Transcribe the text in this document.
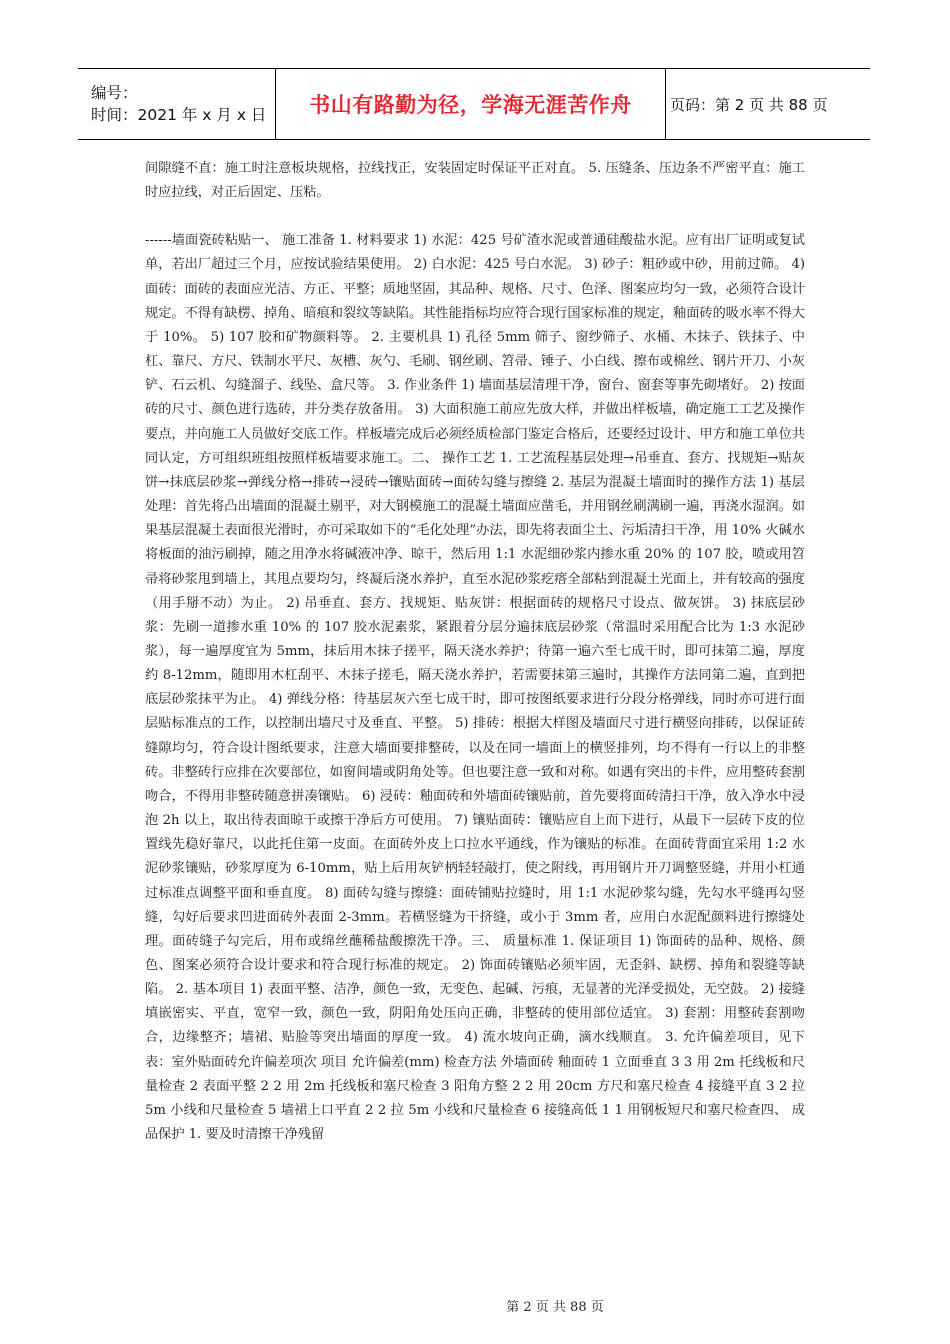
编号：
时间：2021 年 x 月 x 日	书山有路勤为径，学海无涯苦作舟	页码：第 2 页 共 88 页

间隙缝不直：施工时注意板块规格，拉线找正，安装固定时保证平正对直。 5. 压缝条、压边条不严密平直：施工时应拉线，对正后固定、压粘。

------墙面瓷砖粘贴一、 施工准备 1. 材料要求 1) 水泥：425 号矿渣水泥或普通硅酸盐水泥。应有出厂证明或复试单，若出厂超过三个月，应按试验结果使用。 2) 白水泥：425 号白水泥。 3) 砂子：粗砂或中砂，用前过筛。 4) 面砖：面砖的表面应光洁、方正、平整；质地坚固，其品种、规格、尺寸、色泽、图案应均匀一致，必须符合设计规定。不得有缺楞、掉角、暗痕和裂纹等缺陷。其性能指标均应符合现行国家标准的规定，釉面砖的吸水率不得大于 10%。 5) 107 胶和矿物颜料等。 2. 主要机具 1) 孔径 5mm 筛子、窗纱筛子、水桶、木抹子、铁抹子、中杠、靠尺、方尺、铁制水平尺、灰槽、灰勺、毛刷、钢丝刷、笤帚、锤子、小白线、擦布或棉丝、钢片开刀、小灰铲、石云机、勾缝溜子、线坠、盒尺等。 3. 作业条件 1) 墙面基层清理干净，窗台、窗套等事先砌堵好。 2) 按面砖的尺寸、颜色进行选砖，并分类存放备用。 3) 大面积施工前应先放大样，并做出样板墙，确定施工工艺及操作要点，并向施工人员做好交底工作。样板墙完成后必须经质检部门鉴定合格后，还要经过设计、甲方和施工单位共同认定，方可组织班组按照样板墙要求施工。二、 操作工艺 1. 工艺流程基层处理→吊垂直、套方、找规矩→贴灰饼→抹底层砂浆→弹线分格→排砖→浸砖→镶贴面砖→面砖勾缝与擦缝 2. 基层为混凝土墙面时的操作方法 1) 基层处理：首先将凸出墙面的混凝土剔平，对大钢模施工的混凝土墙面应凿毛，并用钢丝刷满刷一遍，再浇水湿润。如果基层混凝土表面很光滑时，亦可采取如下的“毛化处理”办法，即先将表面尘土、污垢清扫干净，用 10% 火碱水将板面的油污刷掉，随之用净水将碱液冲净、晾干，然后用 1:1 水泥细砂浆内掺水重 20% 的 107 胶，喷或用笤帚将砂浆甩到墙上，其甩点要均匀，终凝后浇水养护，直至水泥砂浆疙瘩全部粘到混凝土光面上，并有较高的强度（用手掰不动）为止。 2) 吊垂直、套方、找规矩、贴灰饼：根据面砖的规格尺寸设点、做灰饼。 3) 抹底层砂浆：先刷一道掺水重 10% 的 107 胶水泥素浆，紧跟着分层分遍抹底层砂浆（常温时采用配合比为 1:3 水泥砂浆），每一遍厚度宜为 5mm，抹后用木抹子搓平，隔天浇水养护；待第一遍六至七成干时，即可抹第二遍，厚度约 8-12mm，随即用木杠刮平、木抹子搓毛，隔天浇水养护，若需要抹第三遍时，其操作方法同第二遍，直到把底层砂浆抹平为止。 4) 弹线分格：待基层灰六至七成干时，即可按图纸要求进行分段分格弹线，同时亦可进行面层贴标准点的工作，以控制出墙尺寸及垂直、平整。 5) 排砖：根据大样图及墙面尺寸进行横竖向排砖，以保证砖缝隙均匀，符合设计图纸要求，注意大墙面要排整砖，以及在同一墙面上的横竖排列，均不得有一行以上的非整砖。非整砖行应排在次要部位，如窗间墙或阴角处等。但也要注意一致和对称。如遇有突出的卡件，应用整砖套割吻合，不得用非整砖随意拼凑镶贴。 6) 浸砖：釉面砖和外墙面砖镶贴前，首先要将面砖清扫干净，放入净水中浸泡 2h 以上，取出待表面晾干或擦干净后方可使用。 7) 镶贴面砖：镶贴应自上而下进行，从最下一层砖下皮的位置线先稳好靠尺，以此托住第一皮面。在面砖外皮上口拉水平通线，作为镶贴的标准。在面砖背面宜采用 1:2 水泥砂浆镶贴，砂浆厚度为 6-10mm，贴上后用灰铲柄轻轻敲打，使之附线，再用钢片开刀调整竖缝，并用小杠通过标准点调整平面和垂直度。 8) 面砖勾缝与擦缝：面砖铺贴拉缝时，用 1:1 水泥砂浆勾缝，先勾水平缝再勾竖缝，勾好后要求凹进面砖外表面 2-3mm。若横竖缝为干挤缝，或小于 3mm 者，应用白水泥配颜料进行擦缝处理。面砖缝子勾完后，用布或绵丝蘸稀盐酸擦洗干净。三、 质量标准 1. 保证项目 1) 饰面砖的品种、规格、颜色、图案必须符合设计要求和符合现行标准的规定。 2) 饰面砖镶贴必须牢固，无歪斜、缺楞、掉角和裂缝等缺陷。 2. 基本项目 1) 表面平整、洁净，颜色一致，无变色、起碱、污痕，无显著的光泽受损处，无空鼓。 2) 接缝填嵌密实、平直，宽窄一致，颜色一致，阴阳角处压向正确，非整砖的使用部位适宜。 3) 套割：用整砖套割吻合，边缘整齐；墙裙、贴脸等突出墙面的厚度一致。 4) 流水坡向正确，滴水线顺直。 3. 允许偏差项目，见下表：室外贴面砖允许偏差项次 项目 允许偏差(mm) 检查方法 外墙面砖 釉面砖 1 立面垂直 3 3 用 2m 托线板和尺量检查 2 表面平整 2 2 用 2m 托线板和塞尺检查 3 阳角方整 2 2 用 20cm 方尺和塞尺检查 4 接缝平直 3 2 拉 5m 小线和尺量检查 5 墙裙上口平直 2 2 拉 5m 小线和尺量检查 6 接缝高低 1 1 用钢板短尺和塞尺检查四、 成品保护 1. 要及时清擦干净残留

第 2 页 共 88 页
